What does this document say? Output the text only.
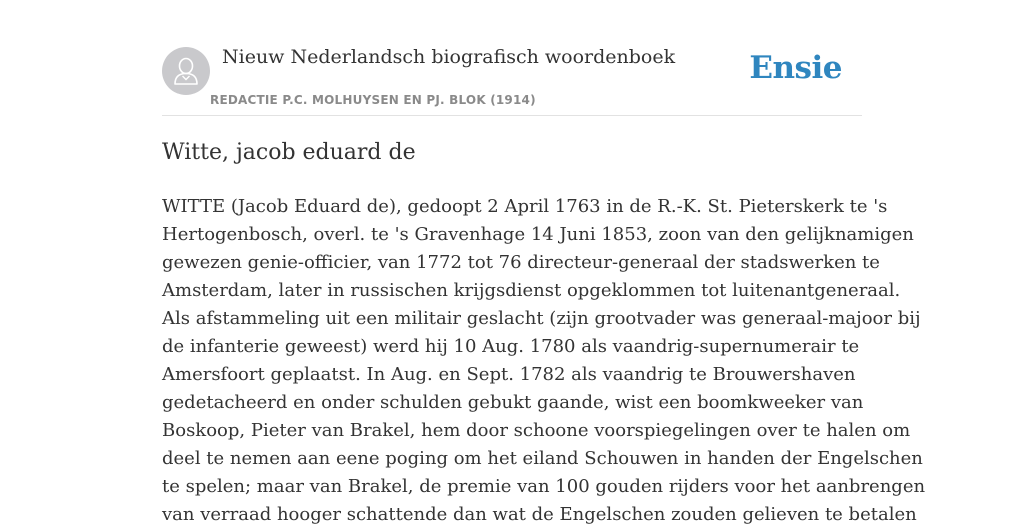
Nieuw Nederlandsch biografisch woordenboek
REDACTIE P.C. MOLHUYSEN EN PJ. BLOK (1914)
Ensie
Witte, jacob eduard de
WITTE (Jacob Eduard de), gedoopt 2 April 1763 in de R.-K. St. Pieterskerk te 's
Hertogenbosch, overl. te 's Gravenhage 14 Juni 1853, zoon van den gelijknamigen
gewezen genie-officier, van 1772 tot 76 directeur-generaal der stadswerken te
Amsterdam, later in russischen krijgsdienst opgeklommen tot luitenantgeneraal.
Als afstammeling uit een militair geslacht (zijn grootvader was generaal-majoor bij
de infanterie geweest) werd hij 10 Aug. 1780 als vaandrig-supernumerair te
Amersfoort geplaatst. In Aug. en Sept. 1782 als vaandrig te Brouwershaven
gedetacheerd en onder schulden gebukt gaande, wist een boomkweeker van
Boskoop, Pieter van Brakel, hem door schoone voorspiegelingen over te halen om
deel te nemen aan eene poging om het eiland Schouwen in handen der Engelschen
te spelen; maar van Brakel, de premie van 100 gouden rijders voor het aanbrengen
van verraad hooger schattende dan wat de Engelschen zouden gelieven te betalen
